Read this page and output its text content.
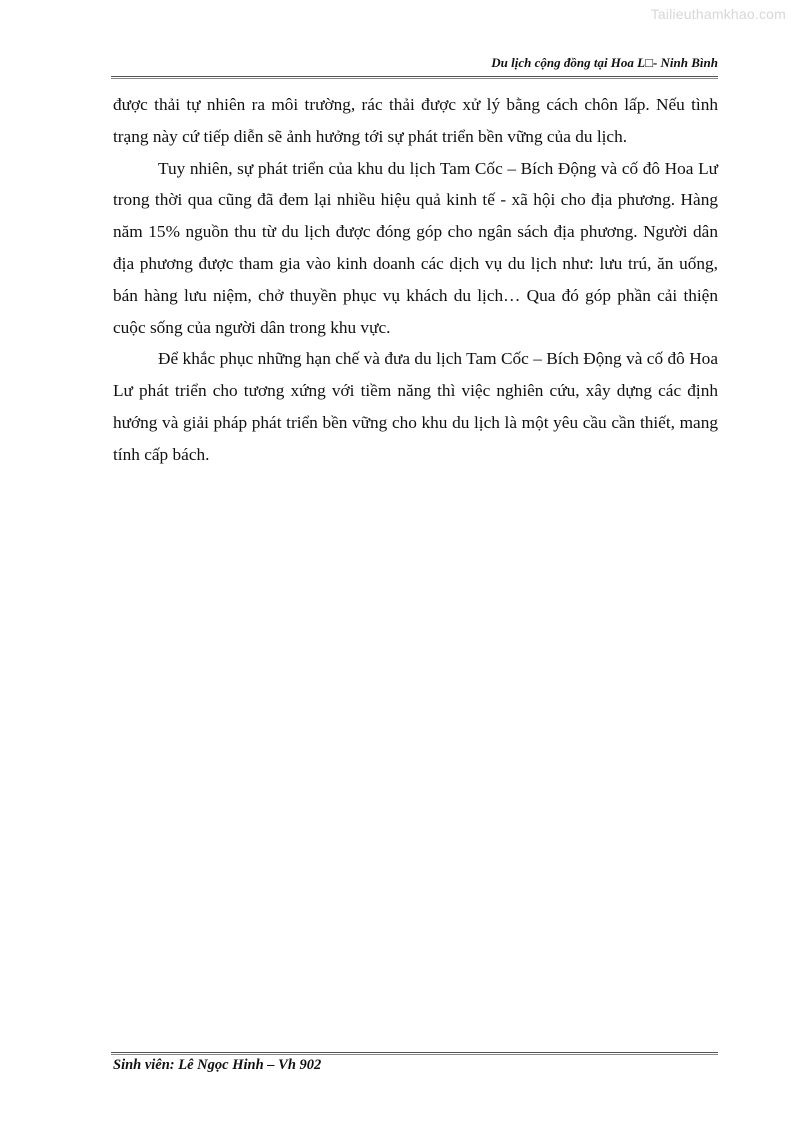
Tailieuthamkhao.com
Du lịch cộng đồng tại Hoa L□- Ninh Bình

được thải tự nhiên ra môi trường, rác thải được xử lý bằng cách chôn lấp. Nếu tình trạng này cứ tiếp diễn sẽ ảnh hưởng tới sự phát triển bền vững của du lịch.

Tuy nhiên, sự phát triển của khu du lịch Tam Cốc – Bích Động và cố đô Hoa Lư trong thời qua cũng đã đem lại nhiều hiệu quả kinh tế - xã hội cho địa phương. Hàng năm 15% nguồn thu từ du lịch được đóng góp cho ngân sách địa phương. Người dân địa phương được tham gia vào kinh doanh các dịch vụ du lịch như: lưu trú, ăn uống, bán hàng lưu niệm, chở thuyền phục vụ khách du lịch… Qua đó góp phần cải thiện cuộc sống của người dân trong khu vực.

Để khắc phục những hạn chế và đưa du lịch Tam Cốc – Bích Động và cố đô Hoa Lư phát triển cho tương xứng với tiềm năng thì việc nghiên cứu, xây dựng các định hướng và giải pháp phát triển bền vững cho khu du lịch là một yêu cầu cần thiết, mang tính cấp bách.

Sinh viên: Lê Ngọc Hinh – Vh 902
